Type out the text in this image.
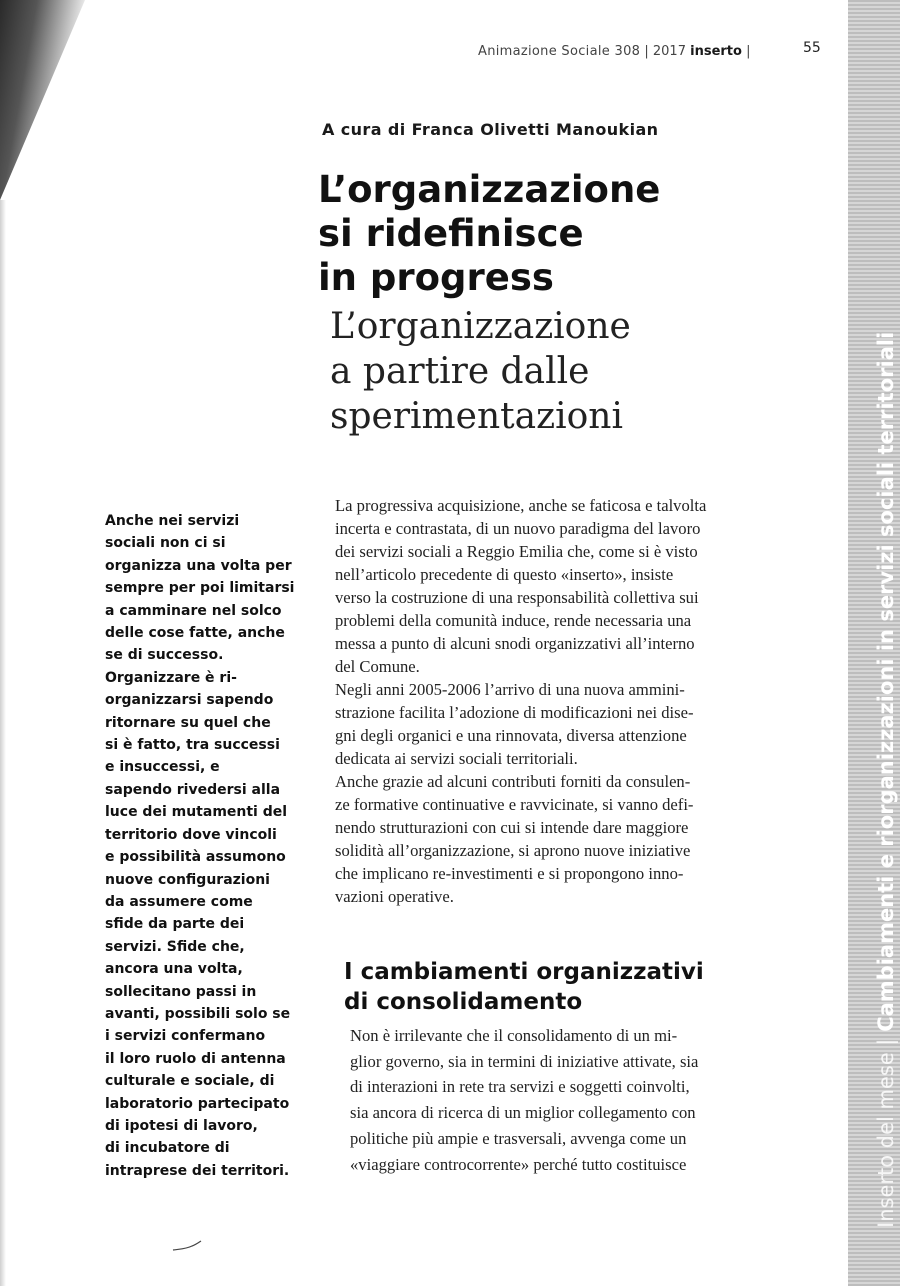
Animazione Sociale 308 | 2017 inserto |	55
A cura di Franca Olivetti Manoukian
L’organizzazione
si ridefinisce
in progress
L’organizzazione
a partire dalle
sperimentazioni
Anche nei servizi
sociali non ci si
organizza una volta per
sempre per poi limitarsi
a camminare nel solco
delle cose fatte, anche
se di successo.
Organizzare è ri-
organizzarsi sapendo
ritornare su quel che
si è fatto, tra successi
e insuccessi, e
sapendo rivedersi alla
luce dei mutamenti del
territorio dove vincoli
e possibilità assumono
nuove configurazioni
da assumere come
sfide da parte dei
servizi. Sfide che,
ancora una volta,
sollecitano passi in
avanti, possibili solo se
i servizi confermano
il loro ruolo di antenna
culturale e sociale, di
laboratorio partecipato
di ipotesi di lavoro,
di incubatore di
intraprese dei territori.
La progressiva acquisizione, anche se faticosa e talvolta
incerta e contrastata, di un nuovo paradigma del lavoro
dei servizi sociali a Reggio Emilia che, come si è visto
nell’articolo precedente di questo «inserto», insiste
verso la costruzione di una responsabilità collettiva sui
problemi della comunità induce, rende necessaria una
messa a punto di alcuni snodi organizzativi all’interno
del Comune.
Negli anni 2005-2006 l’arrivo di una nuova ammini-
strazione facilita l’adozione di modificazioni nei dise-
gni degli organici e una rinnovata, diversa attenzione
dedicata ai servizi sociali territoriali.
Anche grazie ad alcuni contributi forniti da consulen-
ze formative continuative e ravvicinate, si vanno defi-
nendo strutturazioni con cui si intende dare maggiore
solidità all’organizzazione, si aprono nuove iniziative
che implicano re-investimenti e si propongono inno-
vazioni operative.
I cambiamenti organizzativi
di consolidamento
Non è irrilevante che il consolidamento di un mi-
glior governo, sia in termini di iniziative attivate, sia
di interazioni in rete tra servizi e soggetti coinvolti,
sia ancora di ricerca di un miglior collegamento con
politiche più ampie e trasversali, avvenga come un
«viaggiare controcorrente» perché tutto costituisce	Inserto del mese | Cambiamenti e riorganizzazioni in servizi sociali territoriali
